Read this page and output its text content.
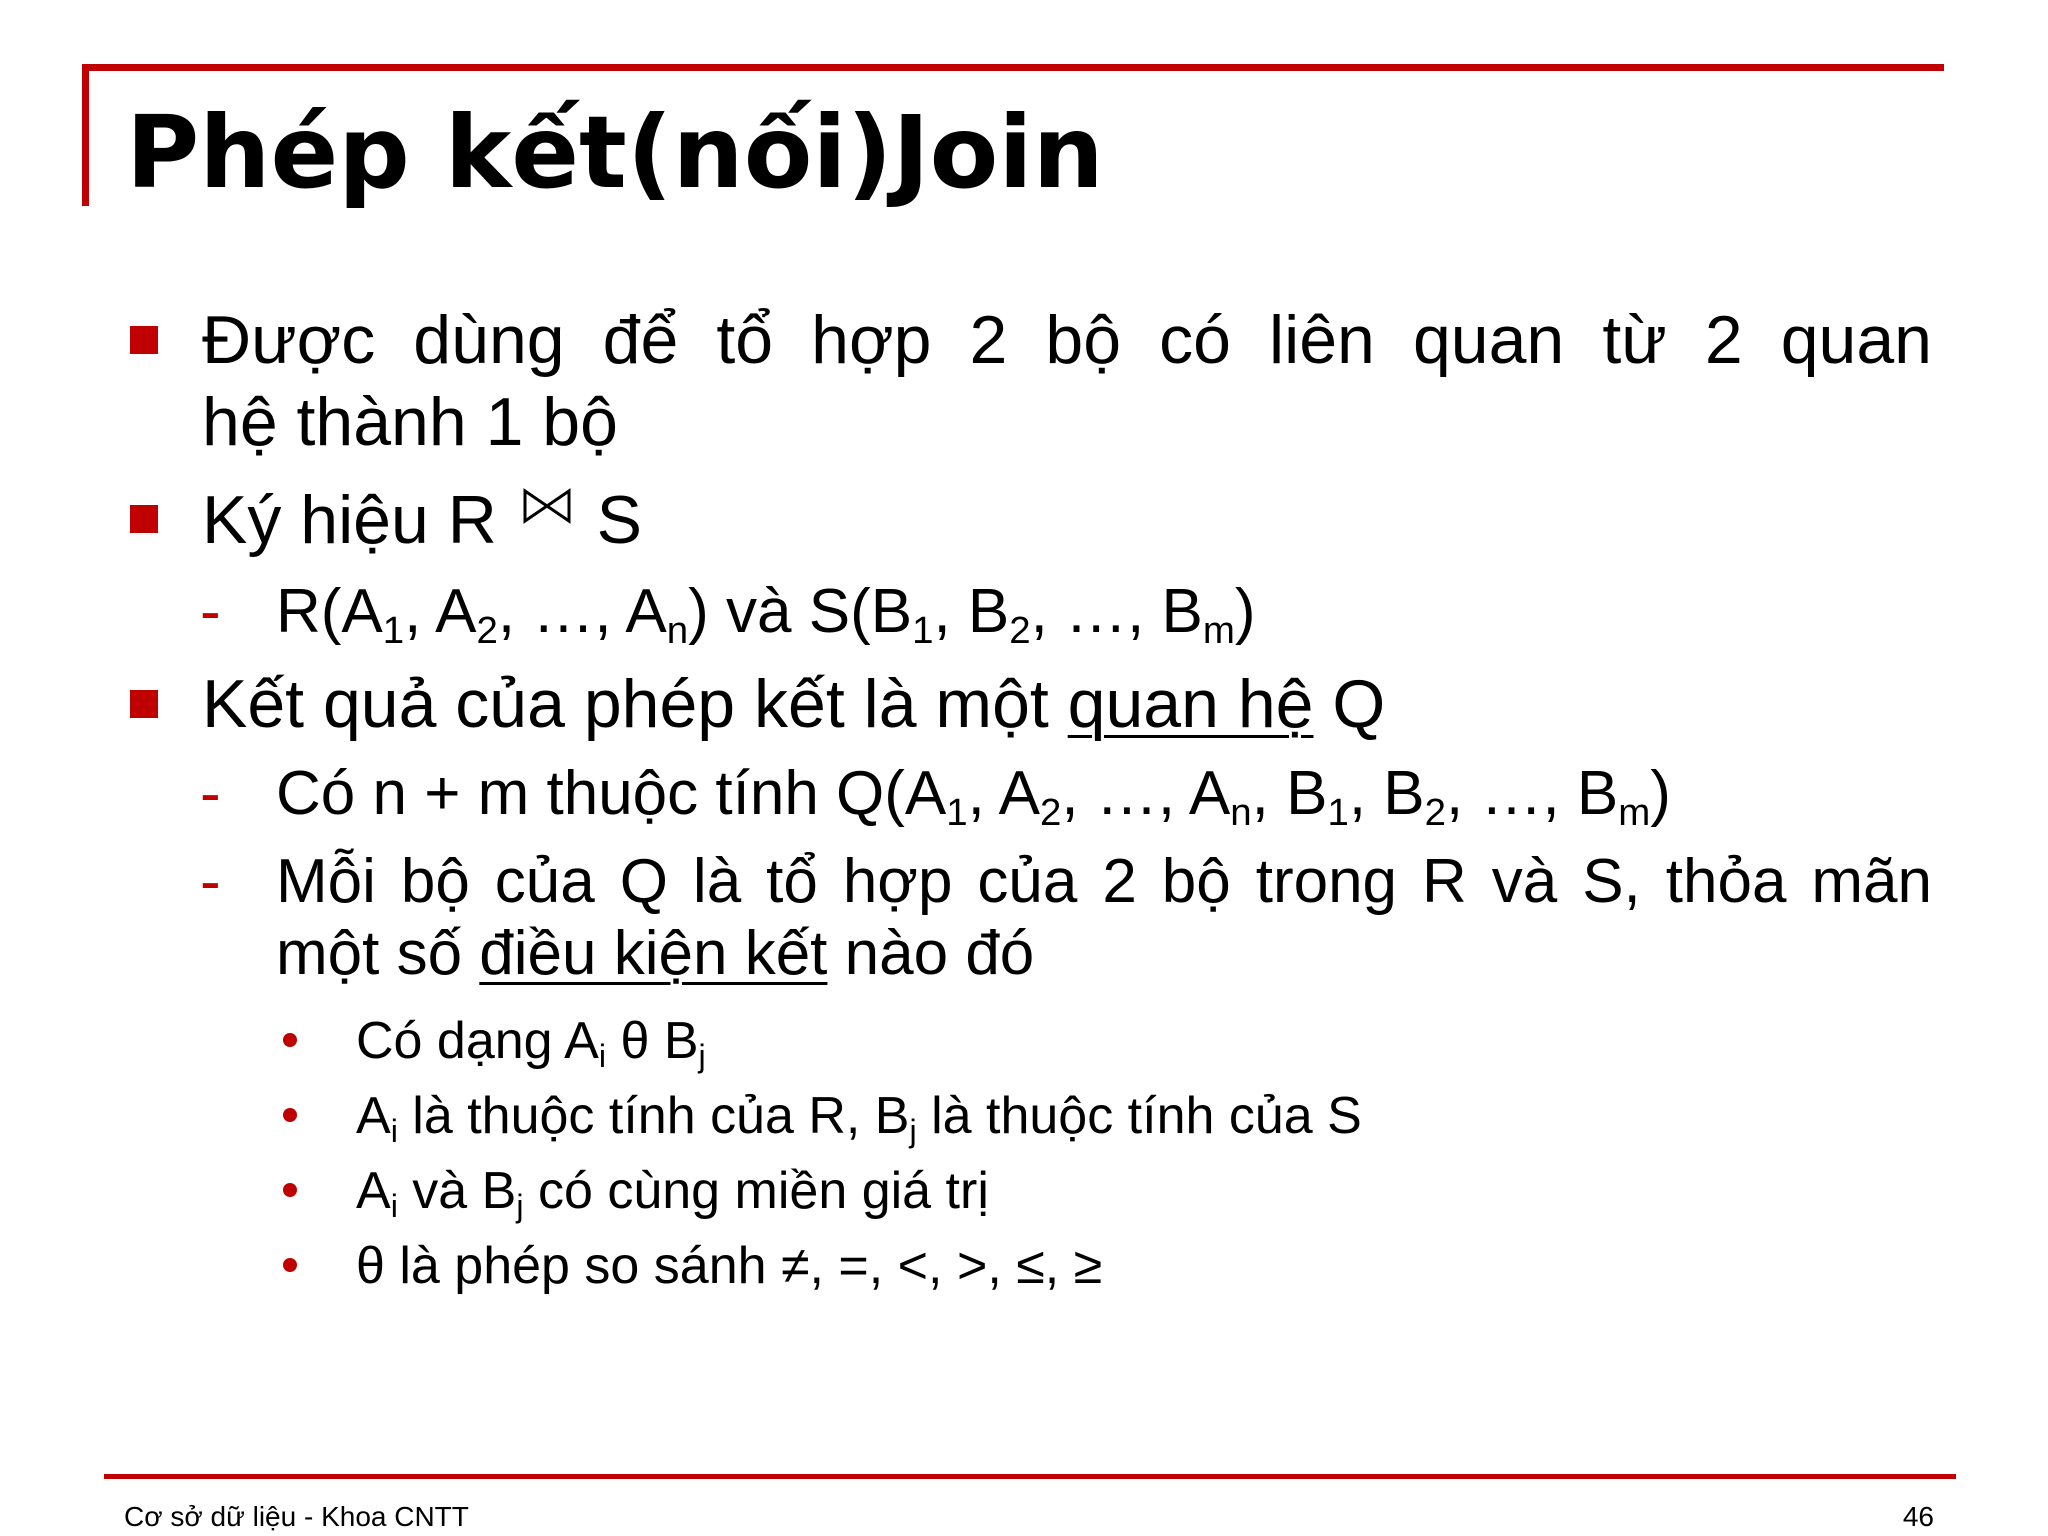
Phép kết(nối)Join
Được dùng để tổ hợp 2 bộ có liên quan từ 2 quan
hệ thành 1 bộ
Ký hiệu R S
- $R(A_1$, $A_2$, …, $A_n$) và $S(B_1$, $B_2$, …, $B_m$)
Kết quả của phép kết là một quan hệ Q
- Có n + m thuộc tính $Q(A_1$, $A_2$, …, $A_n$, $B_1$, $B_2$, …, $B_m$)
- Mỗi bộ của Q là tổ hợp của 2 bộ trong R và S, thỏa mãn
một số điều kiện kết nào đó
Có dạng $A_i$ θ $B_j$
$A_i$ là thuộc tính của R, $B_j$ là thuộc tính của S
$A_i$ và $B_j$ có cùng miền giá trị
θ là phép so sánh ≠, =, <, >, ≤, ≥
Cơ sở dữ liệu - Khoa CNTT	46
